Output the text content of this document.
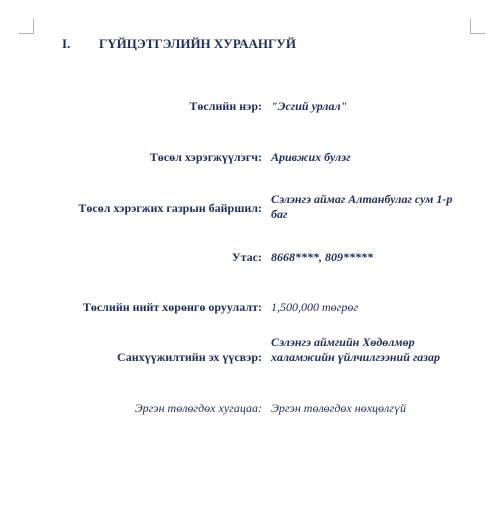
I.	ГҮЙЦЭТГЭЛИЙН ХУРААНГУЙ
Төслийн нэр: "Эсгий урлал"
Төсөл хэрэгжүүлэгч: Аривжих булэг
Төсөл хэрэгжих газрын байршил:
Сэлэнгэ аймаг Алтанбулаг сум 1-р баг
Утас: 8668****, 809*****
Төслийн нийт хөрөнгө оруулалт: 1,500,000 төгрөг
Санхүүжилтийн эх үүсвэр:
Сэлэнгэ аймгийн Хөдөлмөр халамжийн үйлчилгээний газар
Эргэн төлөгдөх хугацаа: Эргэн төлөгдөх нөхцөлгүй
